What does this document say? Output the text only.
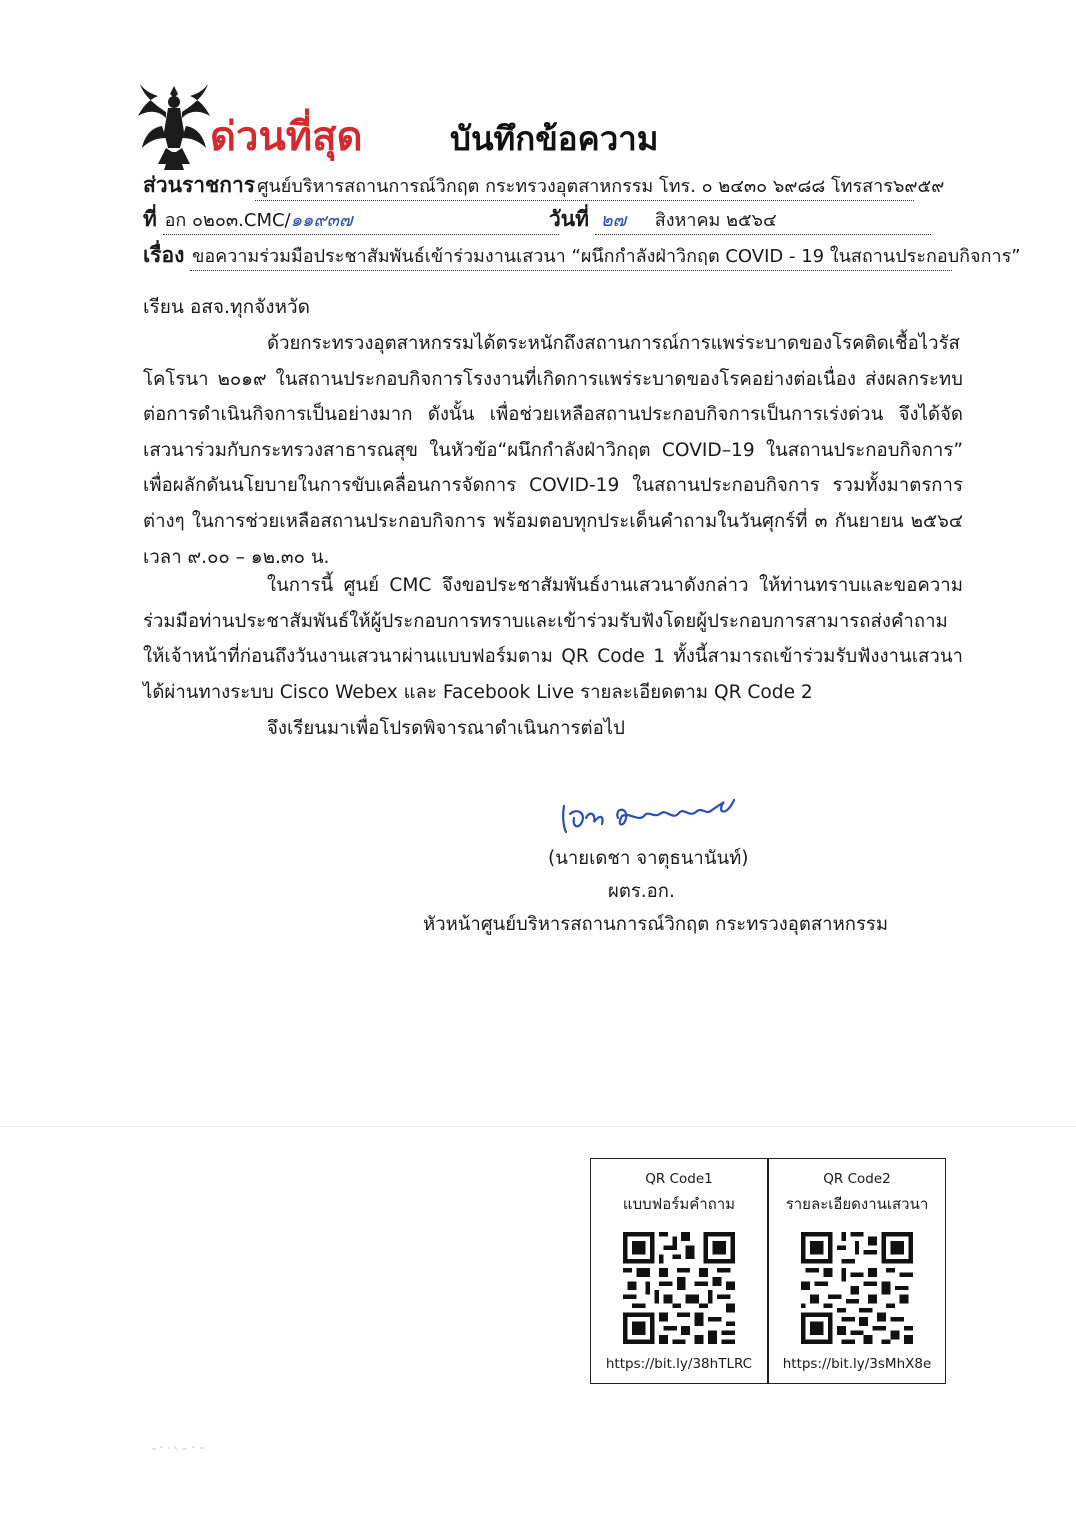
ด่วนที่สุด	บันทึกข้อความ
ส่วนราชการ ศูนย์บริหารสถานการณ์วิกฤต กระทรวงอุตสาหกรรม โทร. ๐ ๒๔๓๐ ๖๙๘๘ โทรสาร๖๙๕๙
ที่ อก ๐๒๐๓.CMC/๑๑๙๓๗	วันที่ ๒๗ สิงหาคม ๒๕๖๔
เรื่อง ขอความร่วมมือประชาสัมพันธ์เข้าร่วมงานเสวนา “ผนึกกำลังฝ่าวิกฤต COVID - 19 ในสถานประกอบกิจการ”
เรียน อสจ.ทุกจังหวัด

ด้วยกระทรวงอุตสาหกรรมได้ตระหนักถึงสถานการณ์การแพร่ระบาดของโรคติดเชื้อไวรัสโคโรนา ๒๐๑๙ ในสถานประกอบกิจการโรงงานที่เกิดการแพร่ระบาดของโรคอย่างต่อเนื่อง ส่งผลกระทบต่อการดำเนินกิจการเป็นอย่างมาก ดังนั้น เพื่อช่วยเหลือสถานประกอบกิจการเป็นการเร่งด่วน จึงได้จัดเสวนาร่วมกับกระทรวงสาธารณสุข ในหัวข้อ“ผนึกกำลังฝ่าวิกฤต COVID–19 ในสถานประกอบกิจการ” เพื่อผลักดันนโยบายในการขับเคลื่อนการจัดการ COVID-19 ในสถานประกอบกิจการ รวมทั้งมาตรการต่างๆ ในการช่วยเหลือสถานประกอบกิจการ พร้อมตอบทุกประเด็นคำถามในวันศุกร์ที่ ๓ กันยายน ๒๕๖๔ เวลา ๙.๐๐ – ๑๒.๓๐ น.

ในการนี้ ศูนย์ CMC จึงขอประชาสัมพันธ์งานเสวนาดังกล่าว ให้ท่านทราบและขอความร่วมมือท่านประชาสัมพันธ์ให้ผู้ประกอบการทราบและเข้าร่วมรับฟังโดยผู้ประกอบการสามารถส่งคำถามให้เจ้าหน้าที่ก่อนถึงวันงานเสวนาผ่านแบบฟอร์มตาม QR Code 1 ทั้งนี้สามารถเข้าร่วมรับฟังงานเสวนาได้ผ่านทางระบบ Cisco Webex และ Facebook Live รายละเอียดตาม QR Code 2

จึงเรียนมาเพื่อโปรดพิจารณาดำเนินการต่อไป

(นายเดชา จาตุธนานันท์)
ผตร.อก.
หัวหน้าศูนย์บริหารสถานการณ์วิกฤต กระทรวงอุตสาหกรรม
QR Code1
แบบฟอร์มคำถาม
https://bit.ly/38hTLRC
QR Code2
รายละเอียดงานเสวนา
https://bit.ly/3sMhX8e
